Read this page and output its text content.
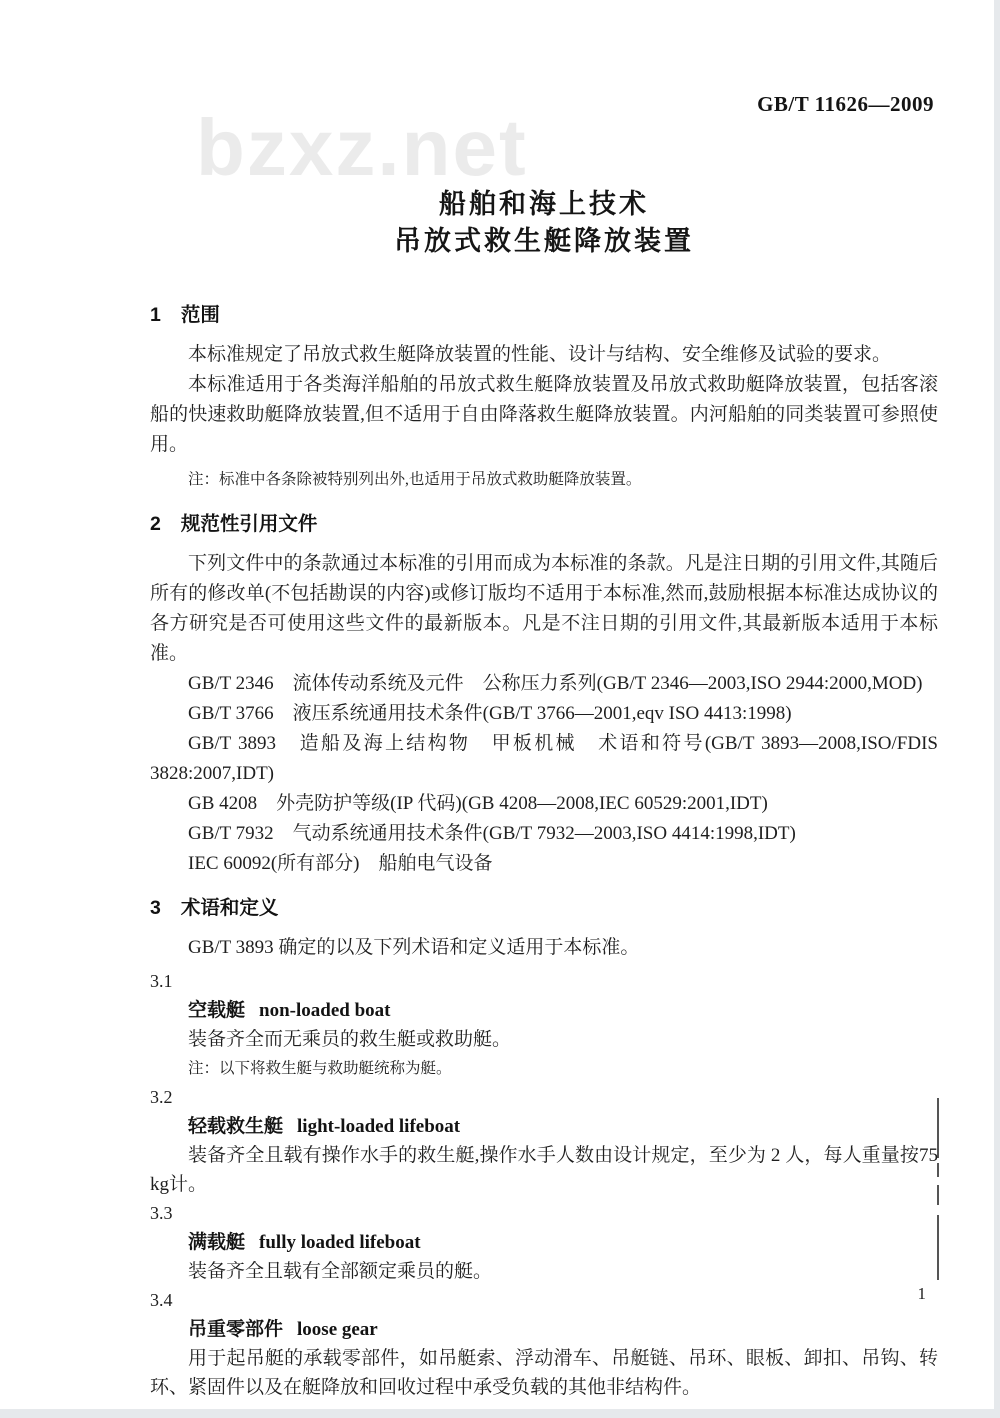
GB/T 11626—2009
bzxz.net
船舶和海上技术
吊放式救生艇降放装置
1 范围

本标准规定了吊放式救生艇降放装置的性能、设计与结构、安全维修及试验的要求。

本标准适用于各类海洋船舶的吊放式救生艇降放装置及吊放式救助艇降放装置，包括客滚船的快速救助艇降放装置,但不适用于自由降落救生艇降放装置。内河船舶的同类装置可参照使用。

注：标准中各条除被特别列出外,也适用于吊放式救助艇降放装置。

2 规范性引用文件

下列文件中的条款通过本标准的引用而成为本标准的条款。凡是注日期的引用文件,其随后所有的修改单(不包括勘误的内容)或修订版均不适用于本标准,然而,鼓励根据本标准达成协议的各方研究是否可使用这些文件的最新版本。凡是不注日期的引用文件,其最新版本适用于本标准。

GB/T 2346　流体传动系统及元件　公称压力系列(GB/T 2346—2003,ISO 2944:2000,MOD)

GB/T 3766　液压系统通用技术条件(GB/T 3766—2001,eqv ISO 4413:1998)

GB/T 3893　造船及海上结构物　甲板机械　术语和符号(GB/T 3893—2008,ISO/FDIS 3828:2007,IDT)

GB 4208　外壳防护等级(IP 代码)(GB 4208—2008,IEC 60529:2001,IDT)

GB/T 7932　气动系统通用技术条件(GB/T 7932—2003,ISO 4414:1998,IDT)

IEC 60092(所有部分)　船舶电气设备

3 术语和定义

GB/T 3893 确定的以及下列术语和定义适用于本标准。

3.1

空载艇 non-loaded boat

装备齐全而无乘员的救生艇或救助艇。

注：以下将救生艇与救助艇统称为艇。

3.2

轻载救生艇 light-loaded lifeboat

装备齐全且载有操作水手的救生艇,操作水手人数由设计规定，至少为 2 人，每人重量按75 kg计。

3.3

满载艇 fully loaded lifeboat

装备齐全且载有全部额定乘员的艇。

3.4

吊重零部件 loose gear

用于起吊艇的承载零部件，如吊艇索、浮动滑车、吊艇链、吊环、眼板、卸扣、吊钩、转环、紧固件以及在艇降放和回收过程中承受负载的其他非结构件。

1
